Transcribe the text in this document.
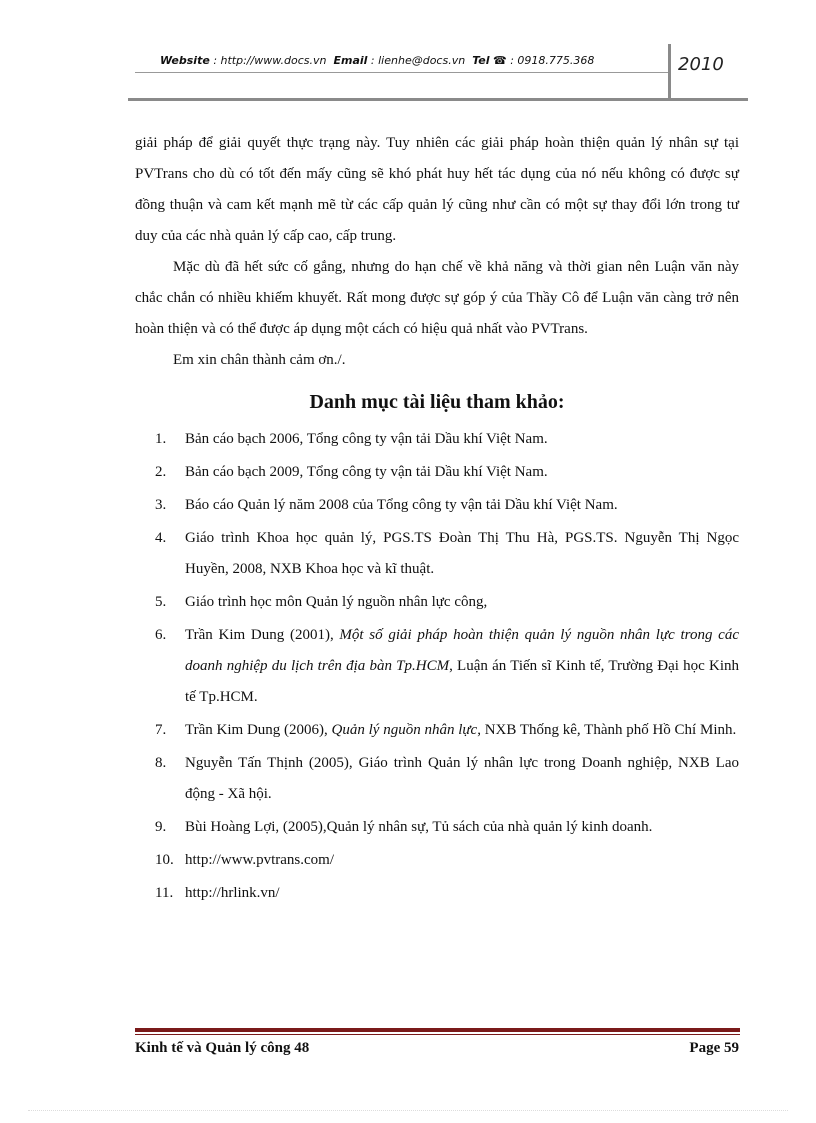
Website : http://www.docs.vn Email : lienhe@docs.vn Tel ☎ : 0918.775.368	2010

giải pháp để giải quyết thực trạng này. Tuy nhiên các giải pháp hoàn thiện quản lý nhân sự tại PVTrans cho dù có tốt đến mấy cũng sẽ khó phát huy hết tác dụng của nó nếu không có được sự đồng thuận và cam kết mạnh mẽ từ các cấp quản lý cũng như cần có một sự thay đổi lớn trong tư duy của các nhà quản lý cấp cao, cấp trung.

Mặc dù đã hết sức cố gắng, nhưng do hạn chế về khả năng và thời gian nên Luận văn này chắc chắn có nhiều khiếm khuyết. Rất mong được sự góp ý của Thầy Cô để Luận văn càng trở nên hoàn thiện và có thể được áp dụng một cách có hiệu quả nhất vào PVTrans.

Em xin chân thành cảm ơn./.

Danh mục tài liệu tham khảo:

1. Bản cáo bạch 2006, Tổng công ty vận tải Dầu khí Việt Nam.
2. Bản cáo bạch 2009, Tổng công ty vận tải Dầu khí Việt Nam.
3. Báo cáo Quản lý năm 2008 của Tổng công ty vận tải Dầu khí Việt Nam.
4. Giáo trình Khoa học quản lý, PGS.TS Đoàn Thị Thu Hà, PGS.TS. Nguyễn Thị Ngọc Huyền, 2008, NXB Khoa học và kĩ thuật.
5. Giáo trình học môn Quản lý nguồn nhân lực công,
6. Trần Kim Dung (2001), Một số giải pháp hoàn thiện quản lý nguồn nhân lực trong các doanh nghiệp du lịch trên địa bàn Tp.HCM, Luận án Tiến sĩ Kinh tế, Trường Đại học Kinh tế Tp.HCM.
7. Trần Kim Dung (2006), Quản lý nguồn nhân lực, NXB Thống kê, Thành phố Hồ Chí Minh.
8. Nguyễn Tấn Thịnh (2005), Giáo trình Quản lý nhân lực trong Doanh nghiệp, NXB Lao động - Xã hội.
9. Bùi Hoàng Lợi, (2005),Quản lý nhân sự, Tủ sách của nhà quản lý kinh doanh.
10. http://www.pvtrans.com/
11. http://hrlink.vn/
Kinh tế và Quản lý công 48	Page 59
